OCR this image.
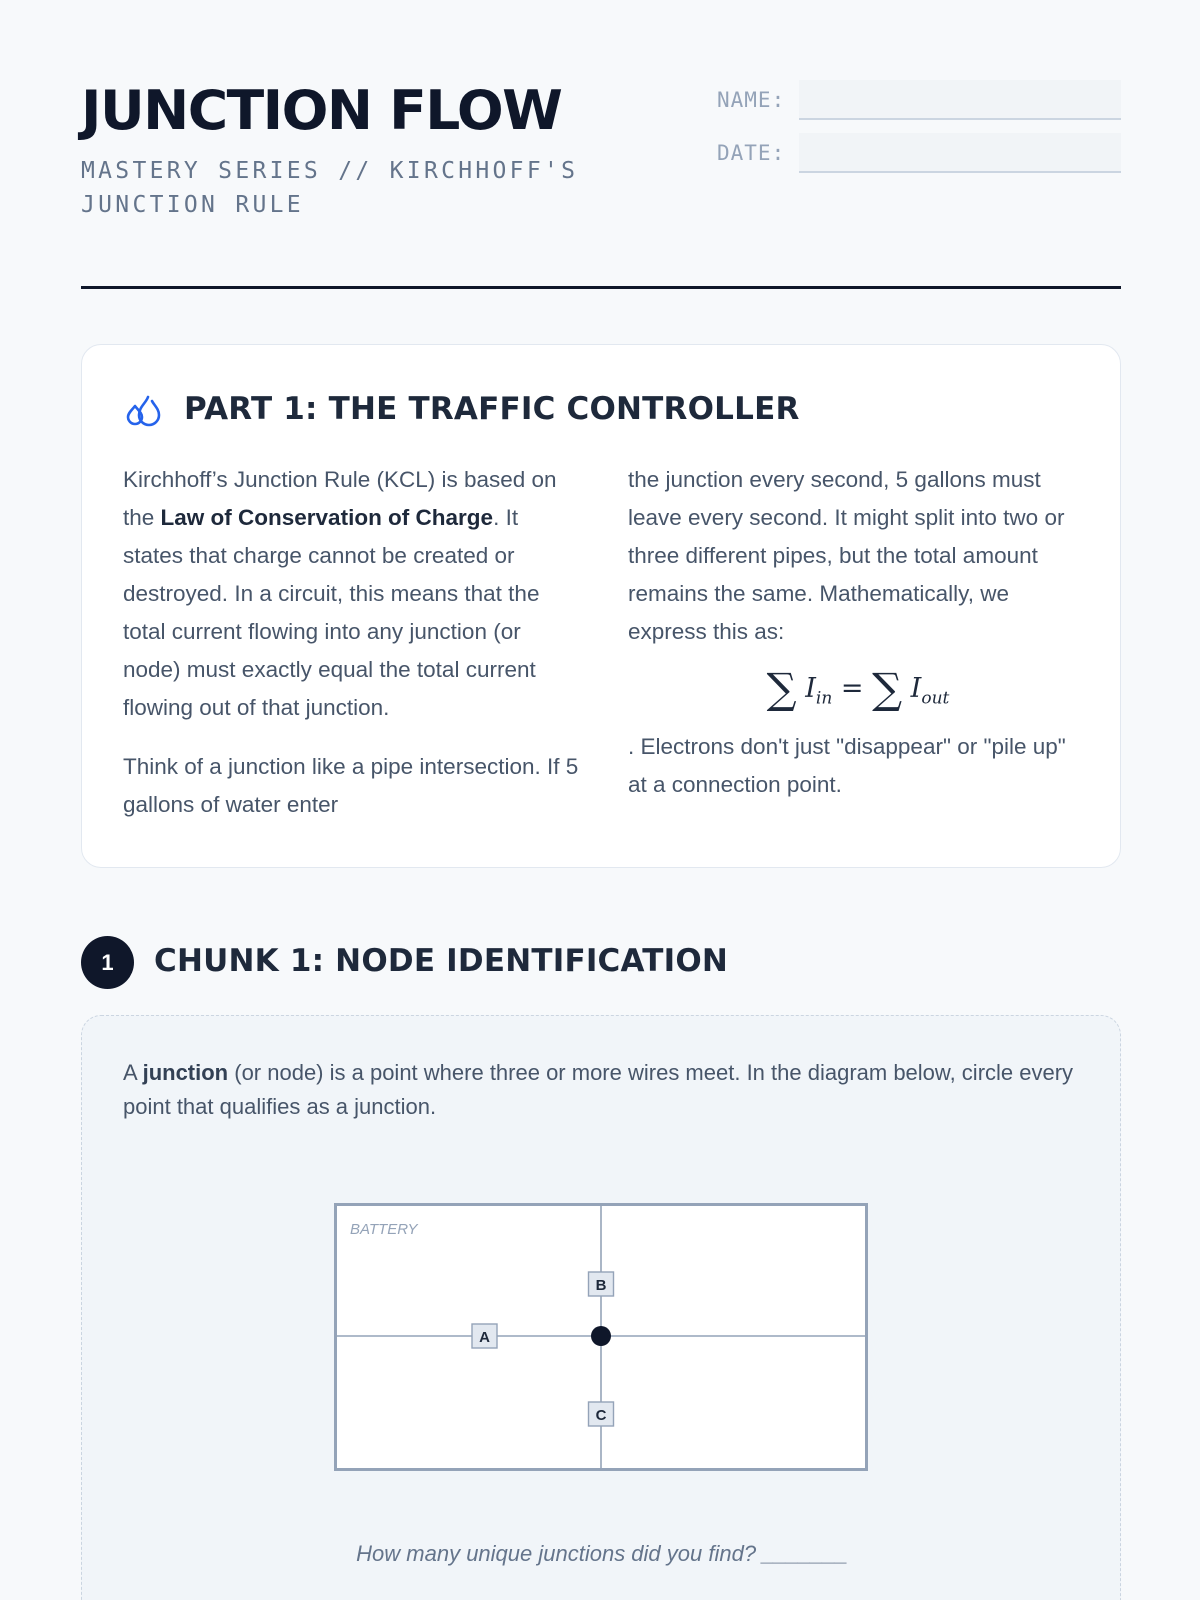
JUNCTION FLOW
MASTERY SERIES // KIRCHHOFF'S JUNCTION RULE
NAME:
DATE:
PART 1: THE TRAFFIC CONTROLLER

Kirchhoff’s Junction Rule (KCL) is based on the Law of Conservation of Charge. It states that charge cannot be created or destroyed. In a circuit, this means that the total current flowing into any junction (or node) must exactly equal the total current flowing out of that junction.

Think of a junction like a pipe intersection. If 5 gallons of water enter

the junction every second, 5 gallons must leave every second. It might split into two or three different pipes, but the total amount remains the same. Mathematically, we express this as:

∑ $I_{in}$ = ∑ $I_{out}$

. Electrons don't just "disappear" or "pile up" at a connection point.

1	CHUNK 1: NODE IDENTIFICATION

A junction (or node) is a point where three or more wires meet. In the diagram below, circle every point that qualifies as a junction.

BATTERY
A
B
C

How many unique junctions did you find? _______
